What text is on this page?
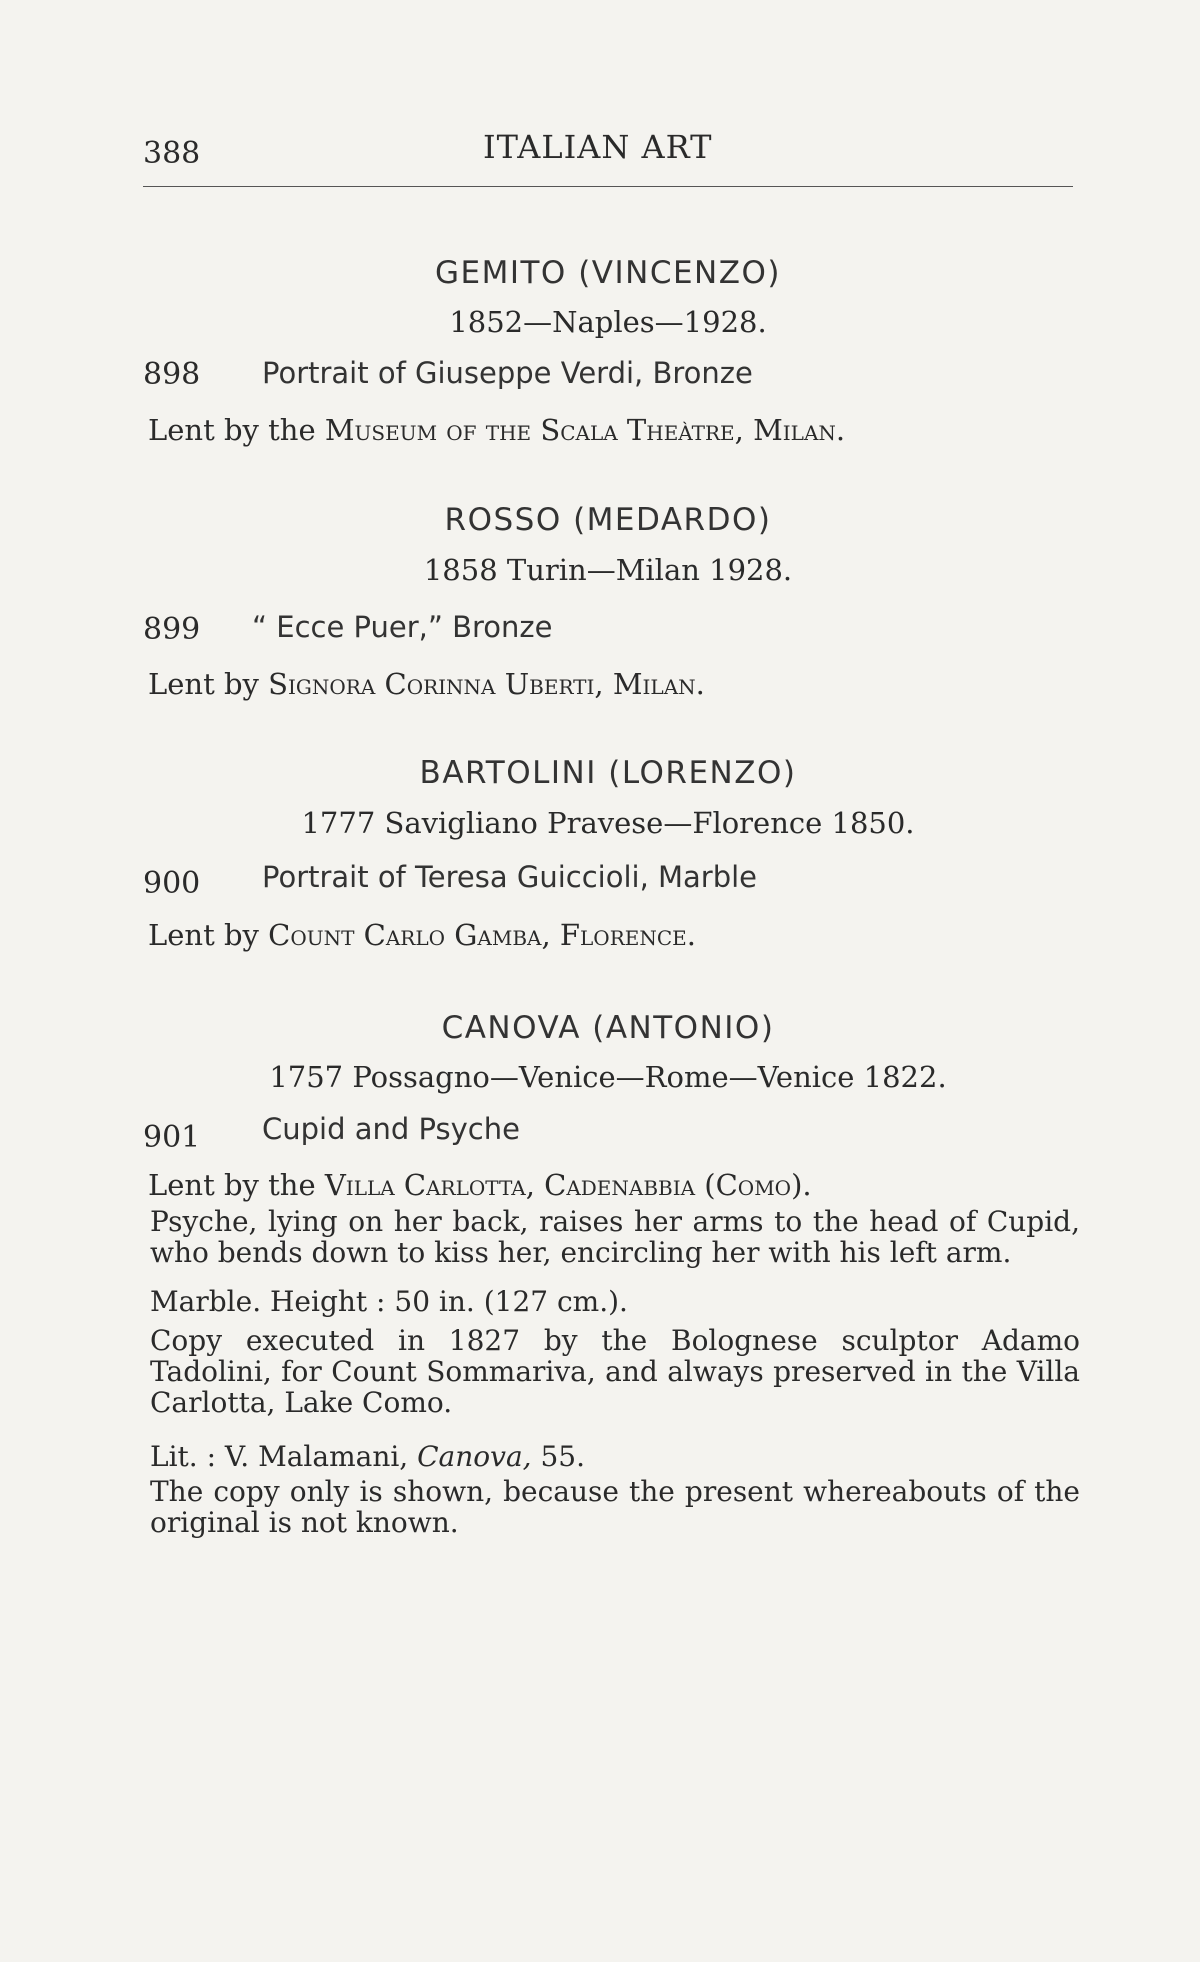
388	ITALIAN ART
GEMITO (VINCENZO)
1852—Naples—1928.
898 Portrait of Giuseppe Verdi, Bronze
Lent by the Museum of the Scala Theàtre, Milan.
ROSSO (MEDARDO)
1858 Turin—Milan 1928.
899 “ Ecce Puer,” Bronze
Lent by Signora Corinna Uberti, Milan.
BARTOLINI (LORENZO)
1777 Savigliano Pravese—Florence 1850.
900 Portrait of Teresa Guiccioli, Marble
Lent by Count Carlo Gamba, Florence.
CANOVA (ANTONIO)
1757 Possagno—Venice—Rome—Venice 1822.
901 Cupid and Psyche
Lent by the Villa Carlotta, Cadenabbia (Como).
Psyche, lying on her back, raises her arms to the head of Cupid, who bends down to kiss her, encircling her with his left arm.
Marble. Height : 50 in. (127 cm.).
Copy executed in 1827 by the Bolognese sculptor Adamo Tadolini, for Count Sommariva, and always preserved in the Villa Carlotta, Lake Como.
Lit. : V. Malamani, Canova, 55.
The copy only is shown, because the present whereabouts of the original is not known.
